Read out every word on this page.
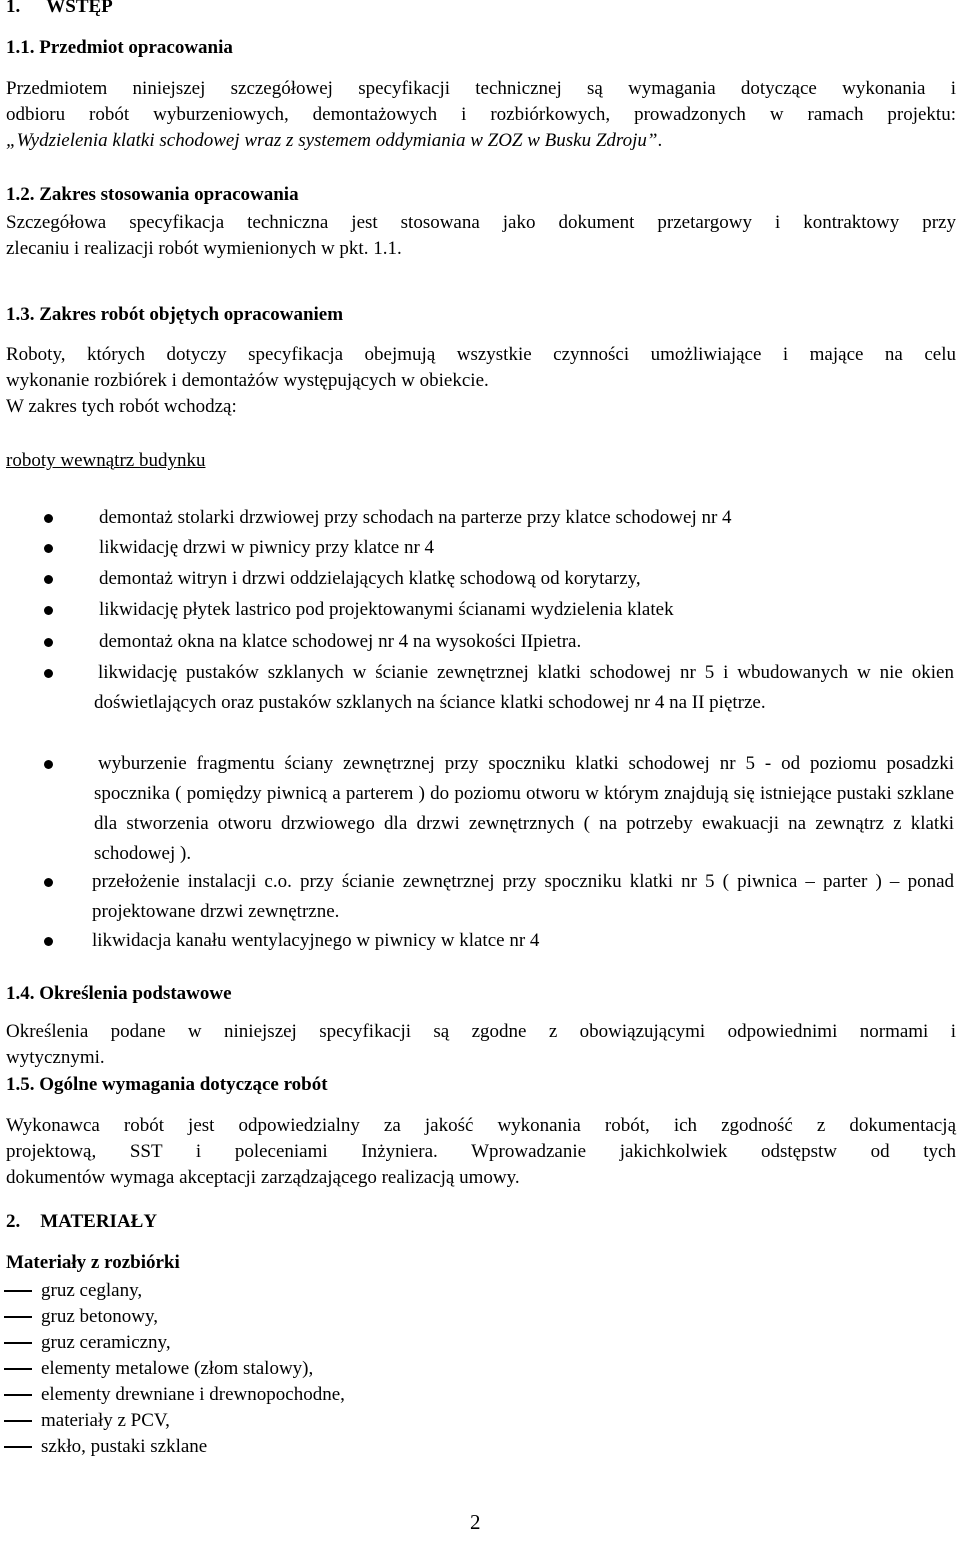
1. WSTĘP
1.1. Przedmiot opracowania
Przedmiotem niniejszej szczegółowej specyfikacji technicznej są wymagania dotyczące wykonania i
odbioru robót wyburzeniowych, demontażowych i rozbiórkowych, prowadzonych w ramach projektu:
„Wydzielenia klatki schodowej wraz z systemem oddymiania w ZOZ w Busku Zdroju”.
1.2. Zakres stosowania opracowania
Szczegółowa specyfikacja techniczna jest stosowana jako dokument przetargowy i kontraktowy przy
zlecaniu i realizacji robót wymienionych w pkt. 1.1.
1.3. Zakres robót objętych opracowaniem
Roboty, których dotyczy specyfikacja obejmują wszystkie czynności umożliwiające i mające na celu
wykonanie rozbiórek i demontażów występujących w obiekcie.
W zakres tych robót wchodzą:
roboty wewnątrz budynku
demontaż stolarki drzwiowej przy schodach na parterze przy klatce schodowej nr 4
likwidację drzwi w piwnicy przy klatce nr 4
demontaż witryn i drzwi oddzielających klatkę schodową od korytarzy,
likwidację płytek lastrico pod projektowanymi ścianami wydzielenia klatek
demontaż okna na klatce schodowej nr 4 na wysokości IIpietra.
likwidację pustaków szklanych w ścianie zewnętrznej klatki schodowej nr 5 i wbudowanych w nie okien doświetlających oraz pustaków szklanych na ściance klatki schodowej nr 4 na II piętrze.
wyburzenie fragmentu ściany zewnętrznej przy spoczniku klatki schodowej nr 5 - od poziomu posadzki spocznika ( pomiędzy piwnicą a parterem ) do poziomu otworu w którym znajdują się istniejące pustaki szklane dla stworzenia otworu drzwiowego dla drzwi zewnętrznych ( na potrzeby ewakuacji na zewnątrz z klatki schodowej ).
przełożenie instalacji c.o. przy ścianie zewnętrznej przy spoczniku klatki nr 5 ( piwnica – parter ) – ponad projektowane drzwi zewnętrzne.
likwidacja kanału wentylacyjnego w piwnicy w klatce nr 4
1.4. Określenia podstawowe
Określenia podane w niniejszej specyfikacji są zgodne z obowiązującymi odpowiednimi normami i
wytycznymi.
1.5. Ogólne wymagania dotyczące robót
Wykonawca robót jest odpowiedzialny za jakość wykonania robót, ich zgodność z dokumentacją
projektową, SST i poleceniami Inżyniera. Wprowadzanie jakichkolwiek odstępstw od tych
dokumentów wymaga akceptacji zarządzającego realizacją umowy.
2. MATERIAŁY
Materiały z rozbiórki
gruz ceglany,
gruz betonowy,
gruz ceramiczny,
elementy metalowe (złom stalowy),
elementy drewniane i drewnopochodne,
materiały z PCV,
szkło, pustaki szklane
2
